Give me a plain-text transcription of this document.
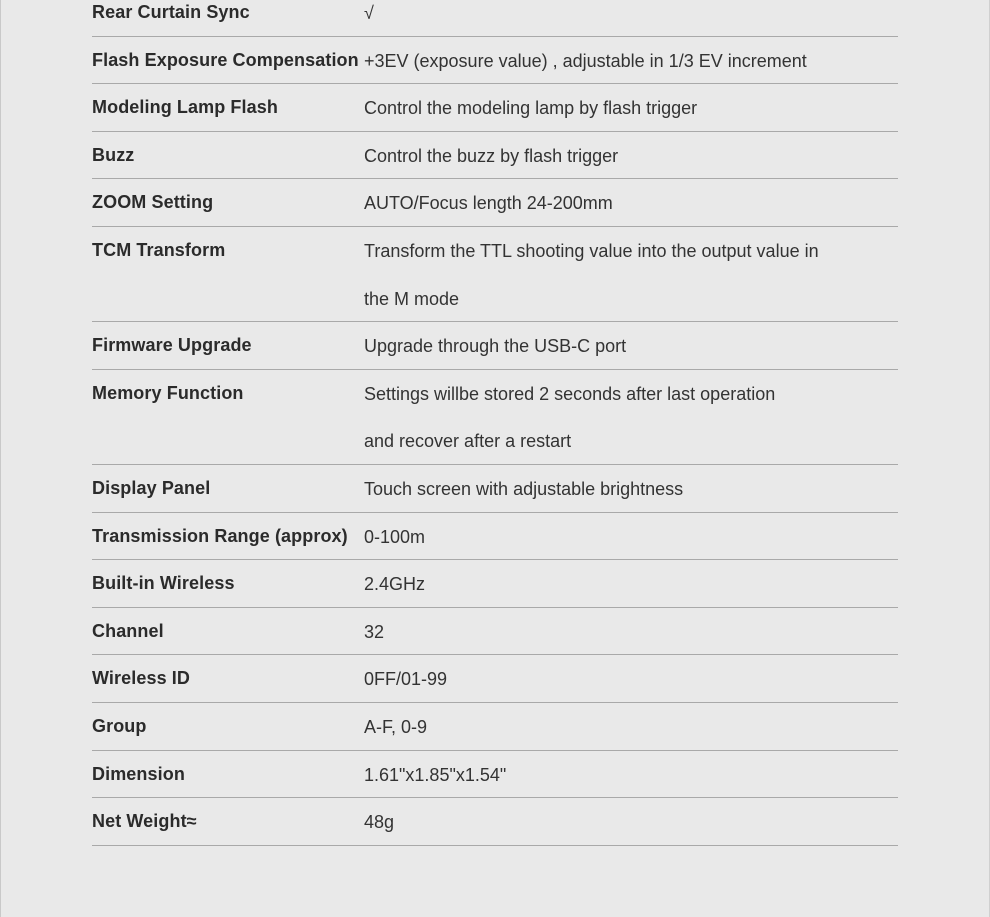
Rear Curtain Sync	√
Flash Exposure Compensation +3EV (exposure value) , adjustable in 1/3 EV increment
Modeling Lamp Flash	Control the modeling lamp by flash trigger
Buzz	Control the buzz by flash trigger
ZOOM Setting	AUTO/Focus length 24-200mm
TCM Transform	Transform the TTL shooting value into the output value in
the M mode
Firmware Upgrade	Upgrade through the USB-C port
Memory Function	Settings willbe stored 2 seconds after last operation
and recover after a restart
Display Panel	Touch screen with adjustable brightness
Transmission Range (approx) 0-100m
Built-in Wireless	2.4GHz
Channel	32
Wireless ID	0FF/01-99
Group	A-F, 0-9
Dimension	1.61"x1.85"x1.54"
Net Weight≈	48g
